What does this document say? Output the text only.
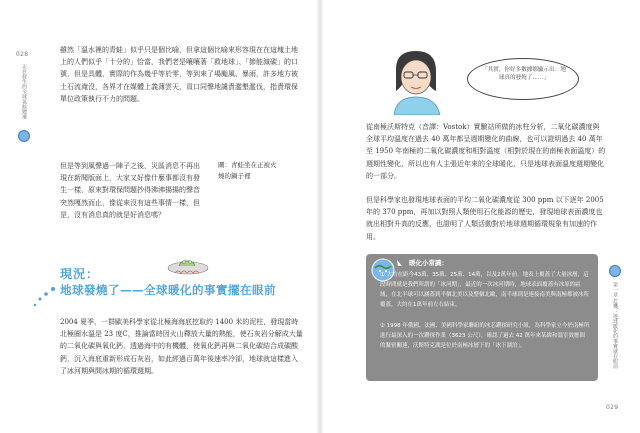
028
正在發生的全球氣候變遷

雖然「溫水裡的青蛙」似乎只是個比喻，但拿這個比喻來形容現在在這塊土地上的人們似乎「十分的」恰當，我們老是嚷嚷著「救地球」、「節能減碳」的口號，但是具體，實際的作為幾乎等於零，等到來了場颱風、暴雨，許多地方被土石流淹沒，各界才在媒體上義薄雲天，貢口同聲地譴責濫墾濫伐，指責環保單位政策執行不力的問題。

但是等到風聲過一陣子之後，災區消息不再出現在新聞版面上，大家又好像什麼事都沒有發生一樣，原來對環保問題抄得沸沸揚揚的聲音突然嘎然而止，像從來沒有這些事情一樣，但是，沒有消息真的就是好消息嗎？

圖：青蛙坐在正被火燒的鍋子裡
現況：
地球發燒了——全球暖化的事實擺在眼前

2004 夏季，一群歐美科學家從北極海海底挖取約 1400 米的泥柱，發現當時北極圈水溫是 23 度C，推論當時因火山釋放大量的熱能，使石灰岩分解成大量的二氧化碳與氧化鈣，透過海中的有機體，使氧化鈣再與二氧化碳結合成碳酸鈣，沉入海底重新形成石灰岩，如此經過百萬年後速率冷卻，地球就這樣進入了冰河期與間冰期的循環週期。

「其實，你好多數據都顯示出：地球真的發燒了……」

從南極沃斯特克（音譯：Vostok）實驗站所做的冰柱分析，二氧化碳濃度與全球平均溫度在過去 40 萬年都呈週期變化的曲線，也可以證明過去 40 萬年至 1950 年南極的二氧化碳濃度和相對溫度（相對於現在的南極表面溫度）的週期性變化，所以也有人主張近年來的全球暖化，只是地球表面溫度週期變化的一部分。

但是科學家也發現地球表面的平均二氧化碳濃度從 300 ppm 以下逐年 2005 年的 370 ppm，再加以對照人類使用石化能源的歷史，發現地球表面濃度也就出相對升高的反應，也證明了人類活動對於地球週期循環規象有加速的作用。

暖化小常識：

① 大約在距今43萬、35萬、25萬、14萬，以及2萬年前，地表上覆蓋了大量冰層，這段時間就是我們所謂的「冰河期」，最近的一次冰河期時，地球表面覆蓋有冰原的區域，在北半球可以涵蓋到半個北美以及整個北歐，南半球則是連接南美與南極都被冰所覆蓋，大約在1萬年前左右結束。

② 1998 年俄國、法國、美國科學家聯組的冰芯鑽探研究小組，為科學家立今於南極所進行最深入的一次鑽探作業（3623 公尺），確認了過去 42 萬年來某緯和溫室效應間的緊密關連，沃斯特克湖是位於南極冰層下的「冰下湖泊」。	第一章 危機：地球暖化的事實就在眼前
029
